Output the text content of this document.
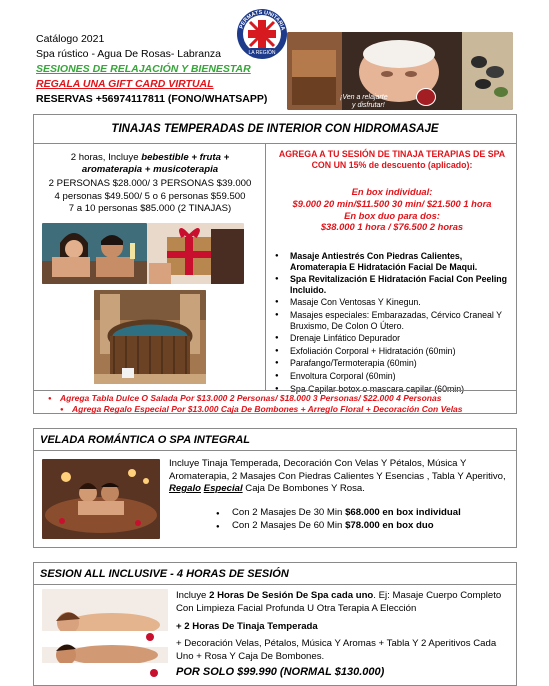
Catálogo 2021
Spa rústico - Agua De Rosas- Labranza
SESIONES DE RELAJACIÓN Y BIENESTAR
REGALA UNA GIFT CARD VIRTUAL
RESERVAS +56974117811 (FONO/WHATSAPP)
PERMATS UNITARIA
LA REGIÓN
¡Ven a relajarte
y disfrutar!
TINAJAS TEMPERADAS DE INTERIOR CON HIDROMASAJE
2 horas, Incluye bebestible + fruta + aromaterapia + musicoterapia
2 PERSONAS $28.000/ 3 PERSONAS $39.000
4 personas $49.500/ 5 o 6 personas $59.500
7 a 10 personas $85.000 (2 TINAJAS)
AGREGA A TU SESIÓN DE TINAJA TERAPIAS DE SPA
CON UN 15% de descuento (aplicado):
En box individual:
$9.000 20 min/$11.500 30 min/ $21.500 1 hora
En box duo para dos:
$38.000 1 hora / $76.500 2 horas
● Masaje Antiestrés Con Piedras Calientes, Aromaterapia E Hidratación Facial De Maqui.
● Spa Revitalización E Hidratación Facial Con Peeling Incluido.
● Masaje Con Ventosas Y Kinegun.
● Masajes especiales: Embarazadas, Cérvico Craneal Y Bruxismo, De Colon O Útero.
● Drenaje Linfático Depurador
● Exfoliación Corporal + Hidratación (60min)
● Parafango/Termoterapia (60min)
● Envoltura Corporal (60min)
● Spa Capilar botox o mascara capilar (60min)
● Agrega Tabla Dulce O Salada Por $13.000 2 Personas/ $18.000 3 Personas/ $22.000 4 Personas
● Agrega Regalo Especial Por $13.000 Caja De Bombones + Arreglo Floral + Decoración Con Velas
VELADA ROMÁNTICA O SPA INTEGRAL
Incluye Tinaja Temperada, Decoración Con Velas Y Pétalos, Música Y Aromaterapia, 2 Masajes Con Piedras Calientes Y Esencias , Tabla Y Aperitivo, Regalo Especial Caja De Bombones Y Rosa.
● Con 2 Masajes De 30 Min $68.000 en box individual
● Con 2 Masajes De 60 Min $78.000 en box duo
SESION ALL INCLUSIVE - 4 HORAS DE SESIÓN
Incluye 2 Horas De Sesión De Spa cada uno. Ej: Masaje Cuerpo Completo Con Limpieza Facial Profunda U Otra Terapia A Elección
+ 2 Horas De Tinaja Temperada
+ Decoración Velas, Pétalos, Música Y Aromas + Tabla Y 2 Aperitivos Cada Uno + Rosa Y Caja De Bombones.
POR SOLO $99.990 (NORMAL $130.000)
